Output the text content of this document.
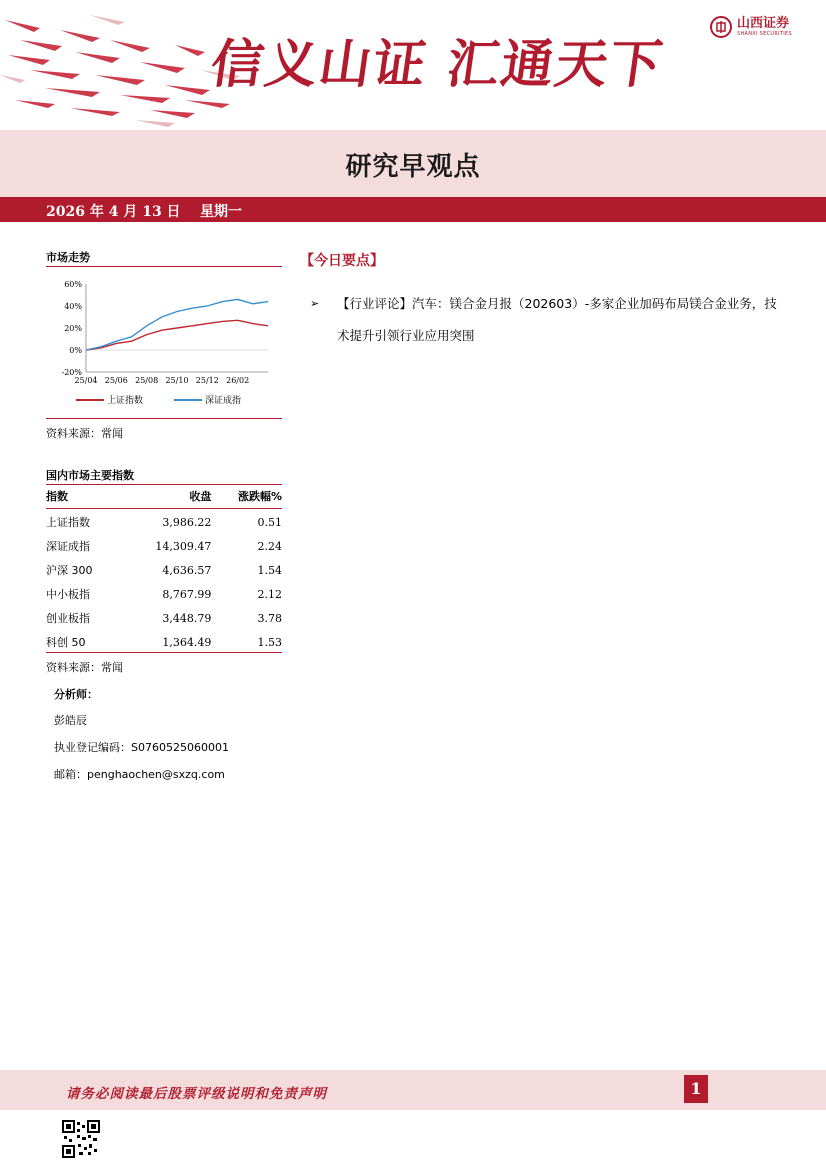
信义山证 汇通天下
山西证券
SHANXI SECURITIES
研究早观点
2026 年 4 月 13 日    星期一
市场走势
60%
40%
20%
0%
-20%
25/04 25/06 25/08 25/10 25/12 26/02
上证指数	深证成指
资料来源：常闻
国内市场主要指数
指数	收盘	涨跌幅%

上证指数	3,986.22	0.51
深证成指	14,309.47	2.24
沪深 300	4,636.57	1.54
中小板指	8,767.99	2.12
创业板指	3,448.79	3.78
科创 50	1,364.49	1.53
资料来源：常闻
分析师：
彭皓辰
执业登记编码：S0760525060001
邮箱：penghaochen@sxzq.com
【今日要点】
➢ 【行业评论】汽车：镁合金月报（202603）-多家企业加码布局镁合金业务，技术提升引领行业应用突围
请务必阅读最后股票评级说明和免责声明	1
